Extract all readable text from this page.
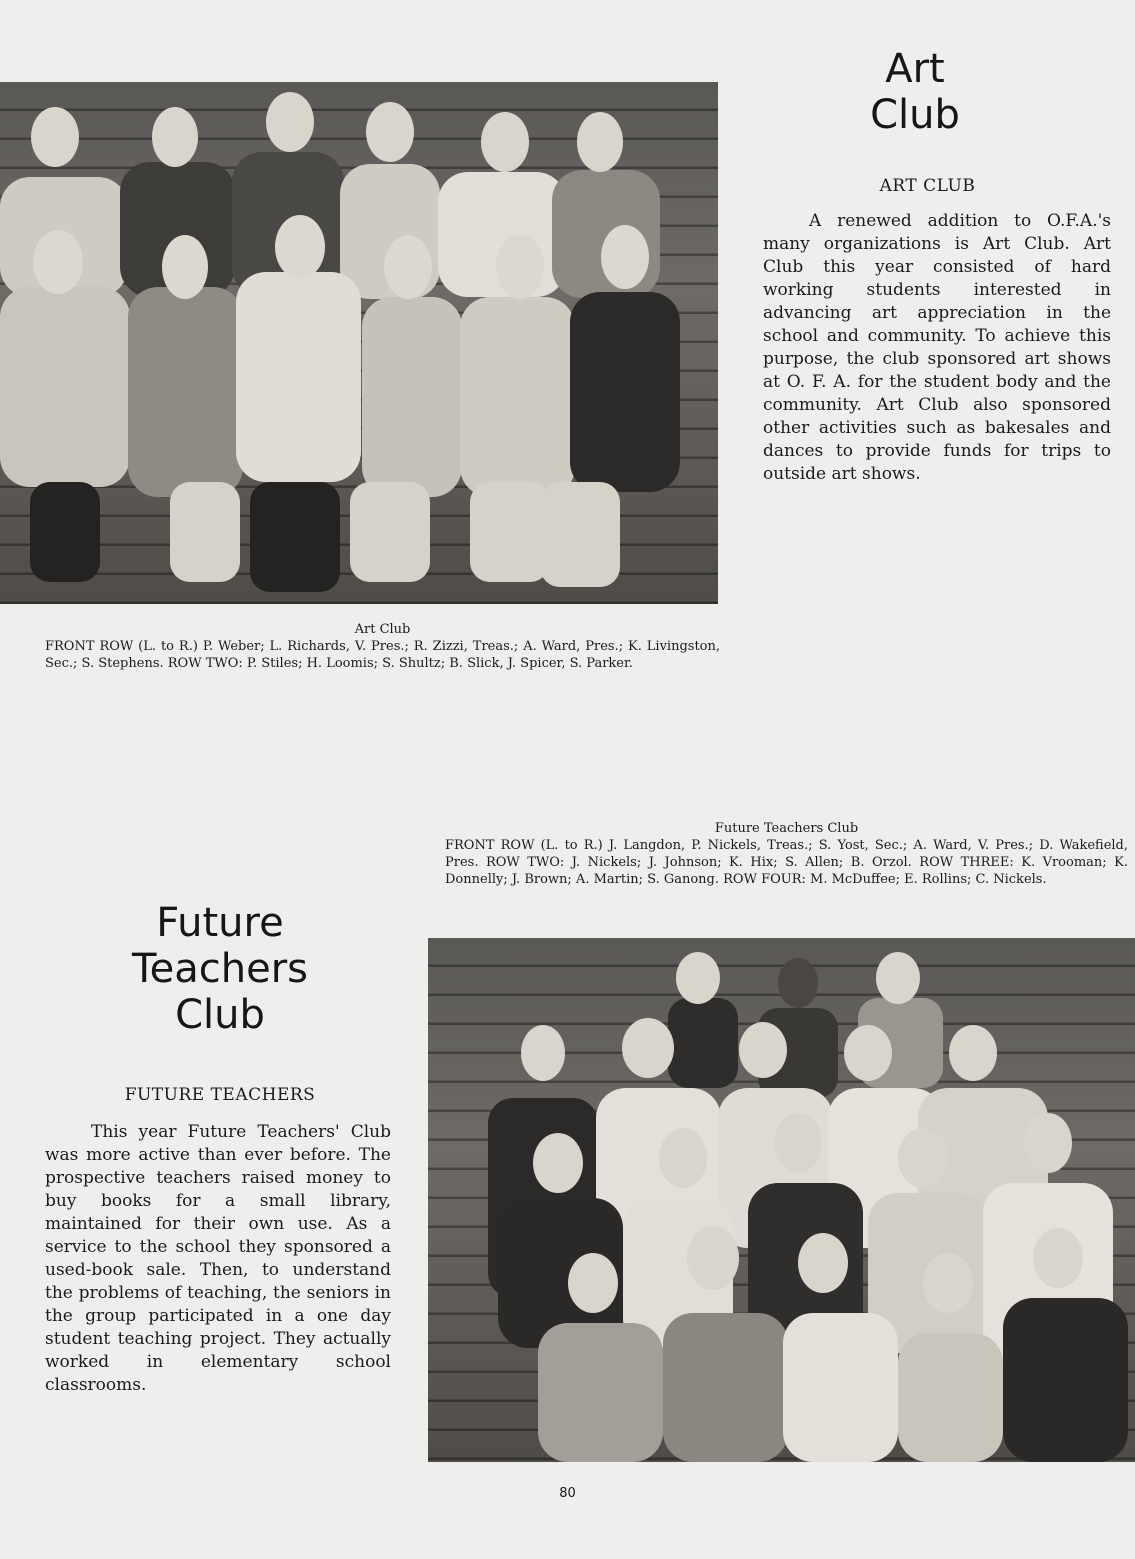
Art
Club
ART CLUB

A renewed addition to O.F.A.'s many organizations is Art Club. Art Club this year consisted of hard working students interested in advancing art appreciation in the school and community. To achieve this purpose, the club sponsored art shows at O. F. A. for the student body and the community. Art Club also sponsored other activities such as bakesales and dances to provide funds for trips to outside art shows.

Art Club
FRONT ROW (L. to R.) P. Weber; L. Richards, V. Pres.; R. Zizzi, Treas.; A. Ward, Pres.; K. Livingston, Sec.; S. Stephens. ROW TWO: P. Stiles; H. Loomis; S. Shultz; B. Slick, J. Spicer, S. Parker.
Future Teachers Club
FRONT ROW (L. to R.) J. Langdon, P. Nickels, Treas.; S. Yost, Sec.; A. Ward, V. Pres.; D. Wakefield, Pres. ROW TWO: J. Nickels; J. Johnson; K. Hix; S. Allen; B. Orzol. ROW THREE: K. Vrooman; K. Donnelly; J. Brown; A. Martin; S. Ganong. ROW FOUR: M. McDuffee; E. Rollins; C. Nickels.
Future
Teachers
Club
FUTURE TEACHERS

This year Future Teachers' Club was more active than ever before. The prospective teachers raised money to buy books for a small library, maintained for their own use. As a service to the school they sponsored a used-book sale. Then, to understand the problems of teaching, the seniors in the group participated in a one day student teaching project. They actually worked in elementary school classrooms.

80
